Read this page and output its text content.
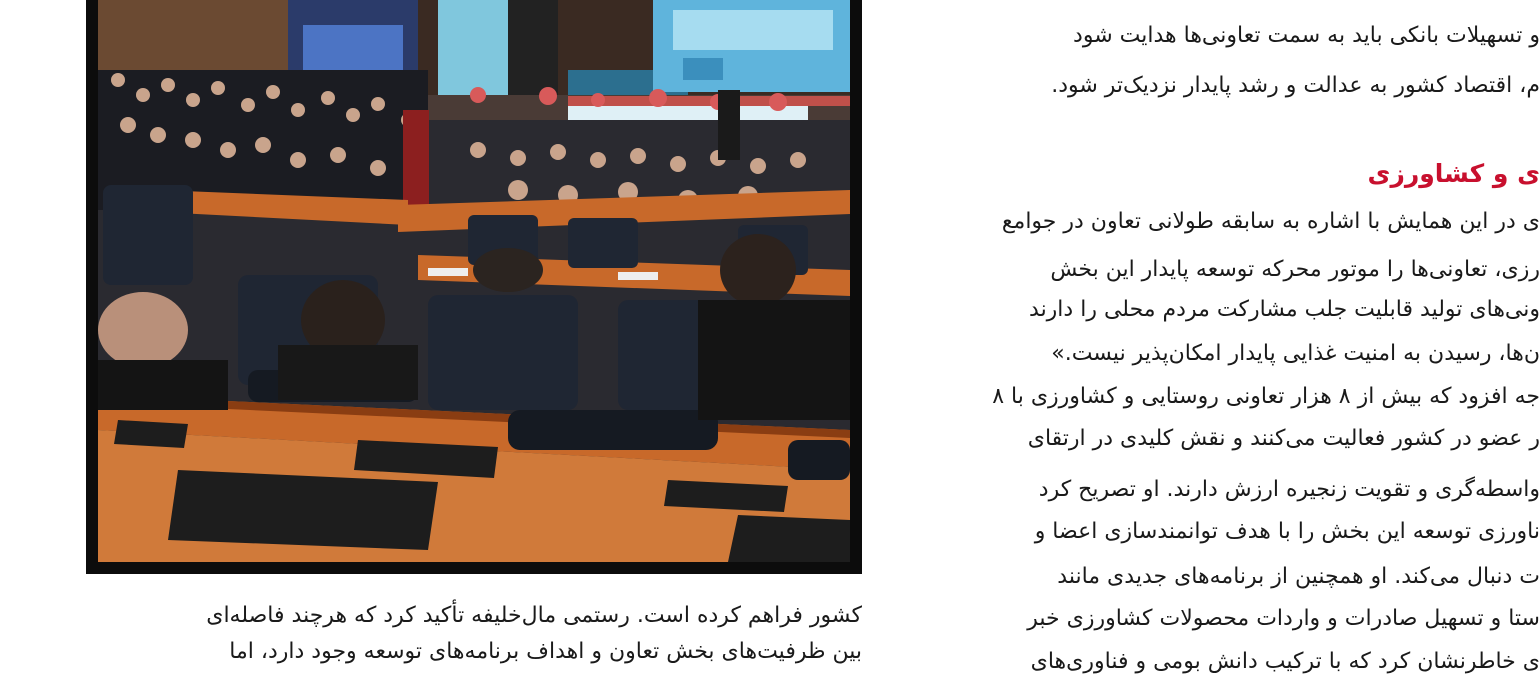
کشور فراهم کرده است. رستمی مال‌خلیفه تأکید کرد که هرچند فاصله‌ای
بین ظرفیت‌های بخش تعاون و اهداف برنامه‌های توسعه وجود دارد، اما
و تسهیلات بانکی باید به سمت تعاونی‌ها هدایت شود
م، اقتصاد کشور به عدالت و رشد پایدار نزدیک‌تر شود.
ی و کشاورزی
ی در این همایش با اشاره به سابقه طولانی تعاون در جوامع
رزی، تعاونی‌ها را موتور محرکه توسعه پایدار این بخش
ونی‌های تولید قابلیت جلب مشارکت مردم محلی را دارند
ن‌ها، رسیدن به امنیت غذایی پایدار امکان‌پذیر نیست.»
جه افزود که بیش از ۸ هزار تعاونی روستایی و کشاورزی با ۸
ر عضو در کشور فعالیت می‌کنند و نقش کلیدی در ارتقای
واسطه‌گری و تقویت زنجیره ارزش دارند. او تصریح کرد
ناورزی توسعه این بخش را با هدف توانمندسازی اعضا و
ت دنبال می‌کند. او همچنین از برنامه‌های جدیدی مانند
ستا و تسهیل صادرات و واردات محصولات کشاورزی خبر
ی خاطرنشان کرد که با ترکیب دانش بومی و فناوری‌های
